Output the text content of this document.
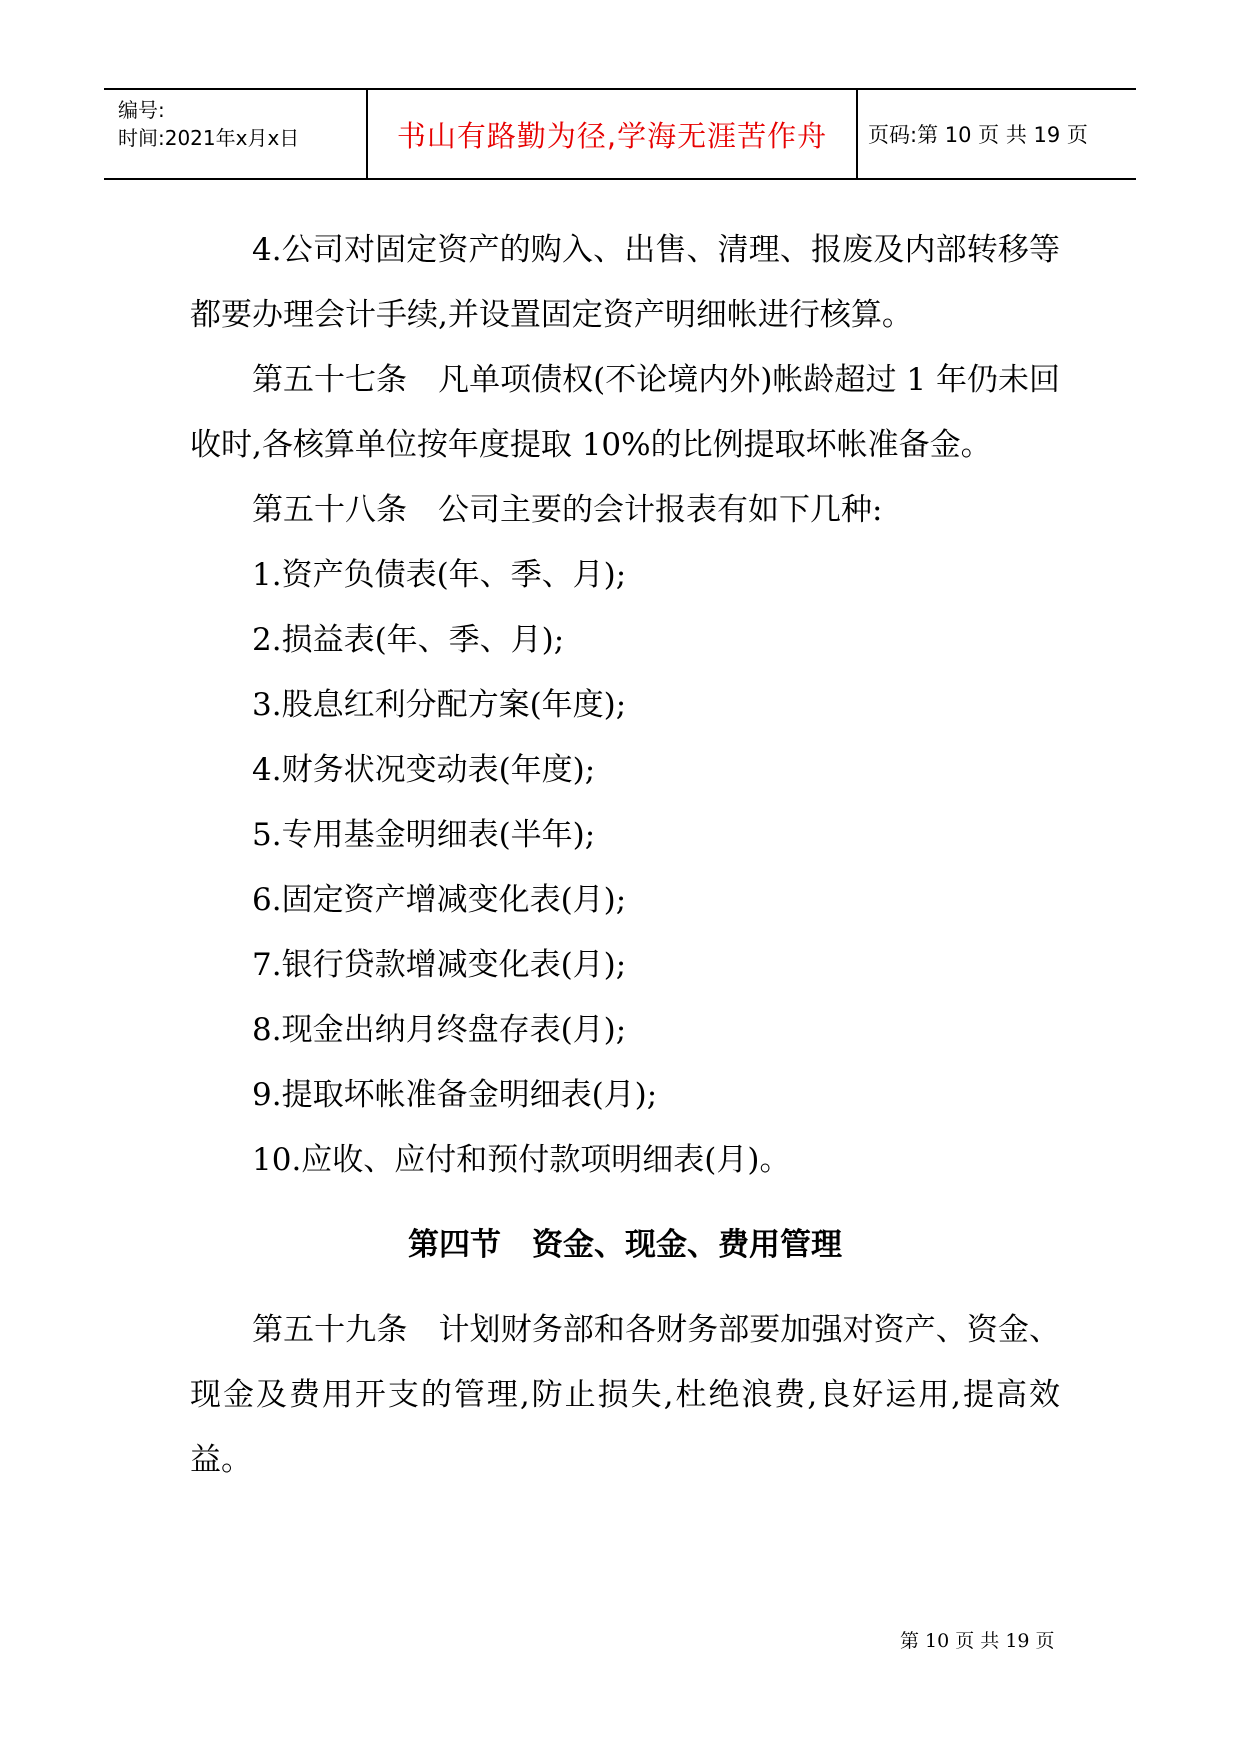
编号:
时间:2021年x月x日	书山有路勤为径,学海无涯苦作舟	页码:第 10 页 共 19 页

4.公司对固定资产的购入、出售、清理、报废及内部转移等都要办理会计手续,并设置固定资产明细帐进行核算。

第五十七条　凡单项债权(不论境内外)帐龄超过 1 年仍未回收时,各核算单位按年度提取 10%的比例提取坏帐准备金。

第五十八条　公司主要的会计报表有如下几种:

1.资产负债表(年、季、月);

2.损益表(年、季、月);

3.股息红利分配方案(年度);

4.财务状况变动表(年度);

5.专用基金明细表(半年);

6.固定资产增减变化表(月);

7.银行贷款增减变化表(月);

8.现金出纳月终盘存表(月);

9.提取坏帐准备金明细表(月);

10.应收、应付和预付款项明细表(月)。

第四节　资金、现金、费用管理

第五十九条　计划财务部和各财务部要加强对资产、资金、现金及费用开支的管理,防止损失,杜绝浪费,良好运用,提高效益。

第 10 页 共 19 页
